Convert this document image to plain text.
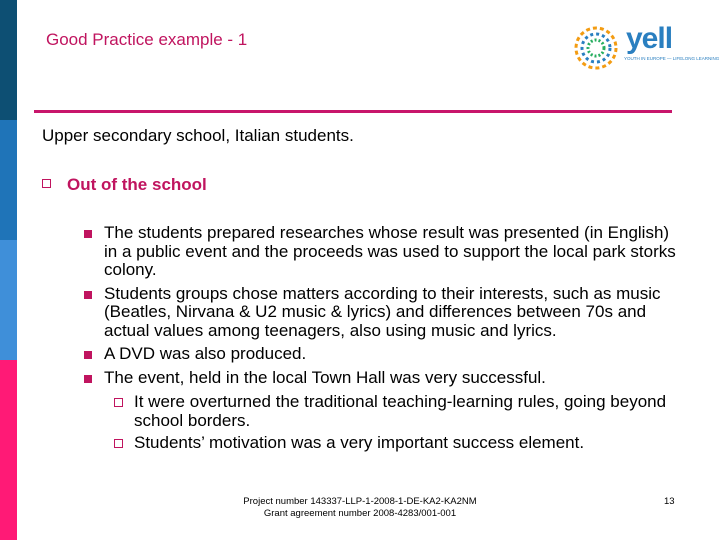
Good Practice example - 1	yell
YOUTH IN EUROPE — LIFELONG LEARNING
Upper secondary school, Italian students.
Out of the school
The students prepared researches whose result was presented (in English) in a public event and the proceeds was used to support the local park storks colony.
Students groups chose matters according to their interests, such as music (Beatles, Nirvana & U2 music & lyrics) and differences between 70s and actual values among teenagers, also using music and lyrics.
A DVD was also produced.
The event, held in the local Town Hall was very successful.
It were overturned the traditional teaching-learning rules, going beyond school borders.
Students’ motivation was a very important success element.
Project number 143337-LLP-1-2008-1-DE-KA2-KA2NM
Grant agreement number 2008-4283/001-001
13
